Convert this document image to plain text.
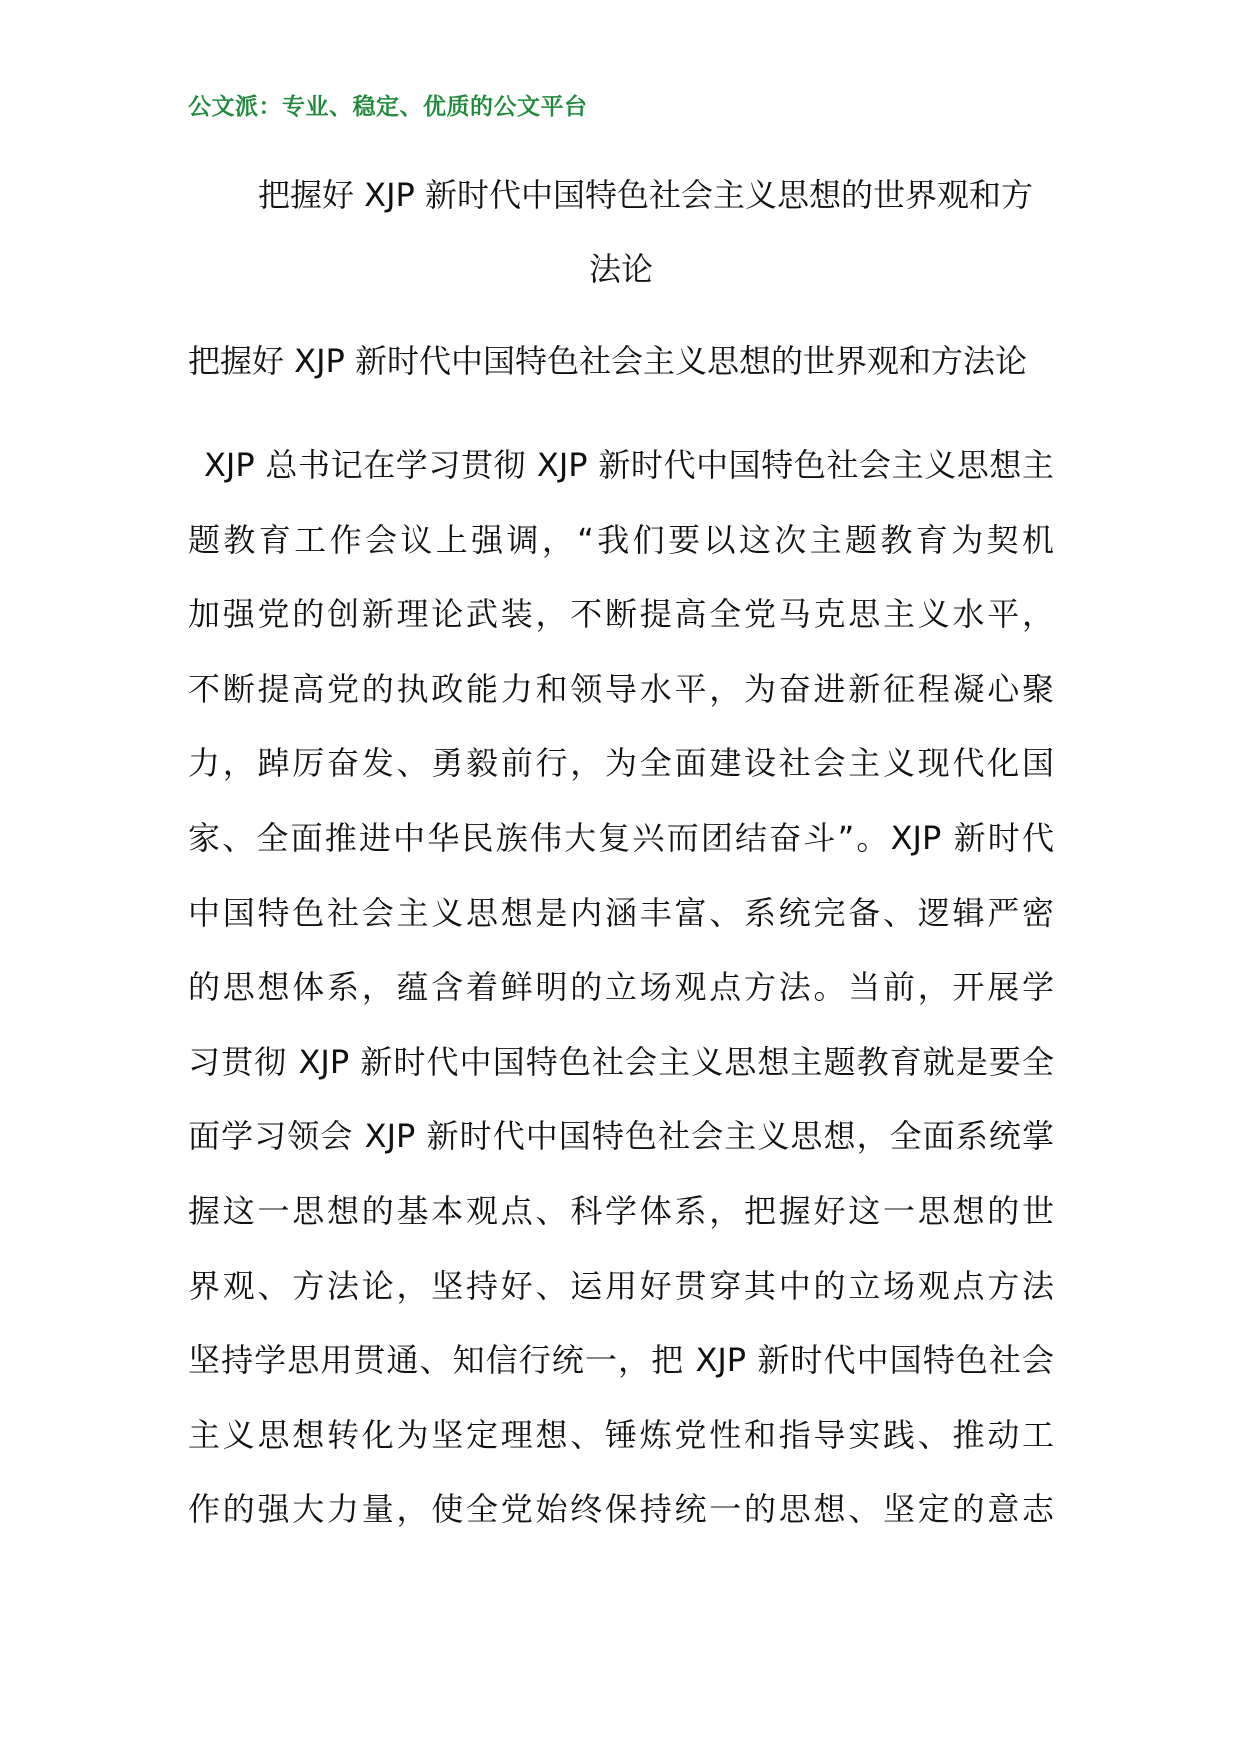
公文派：专业、稳定、优质的公文平台
把握好 XJP 新时代中国特色社会主义思想的世界观和方
法论
把握好 XJP 新时代中国特色社会主义思想的世界观和方法论
XJP 总书记在学习贯彻 XJP 新时代中国特色社会主义思想主
题教育工作会议上强调，“我们要以这次主题教育为契机
加强党的创新理论武装，不断提高全党马克思主义水平，
不断提高党的执政能力和领导水平，为奋进新征程凝心聚
力，踔厉奋发、勇毅前行，为全面建设社会主义现代化国
家、全面推进中华民族伟大复兴而团结奋斗”。XJP 新时代
中国特色社会主义思想是内涵丰富、系统完备、逻辑严密
的思想体系，蕴含着鲜明的立场观点方法。当前，开展学
习贯彻 XJP 新时代中国特色社会主义思想主题教育就是要全
面学习领会 XJP 新时代中国特色社会主义思想，全面系统掌
握这一思想的基本观点、科学体系，把握好这一思想的世
界观、方法论，坚持好、运用好贯穿其中的立场观点方法
坚持学思用贯通、知信行统一，把 XJP 新时代中国特色社会
主义思想转化为坚定理想、锤炼党性和指导实践、推动工
作的强大力量，使全党始终保持统一的思想、坚定的意志
